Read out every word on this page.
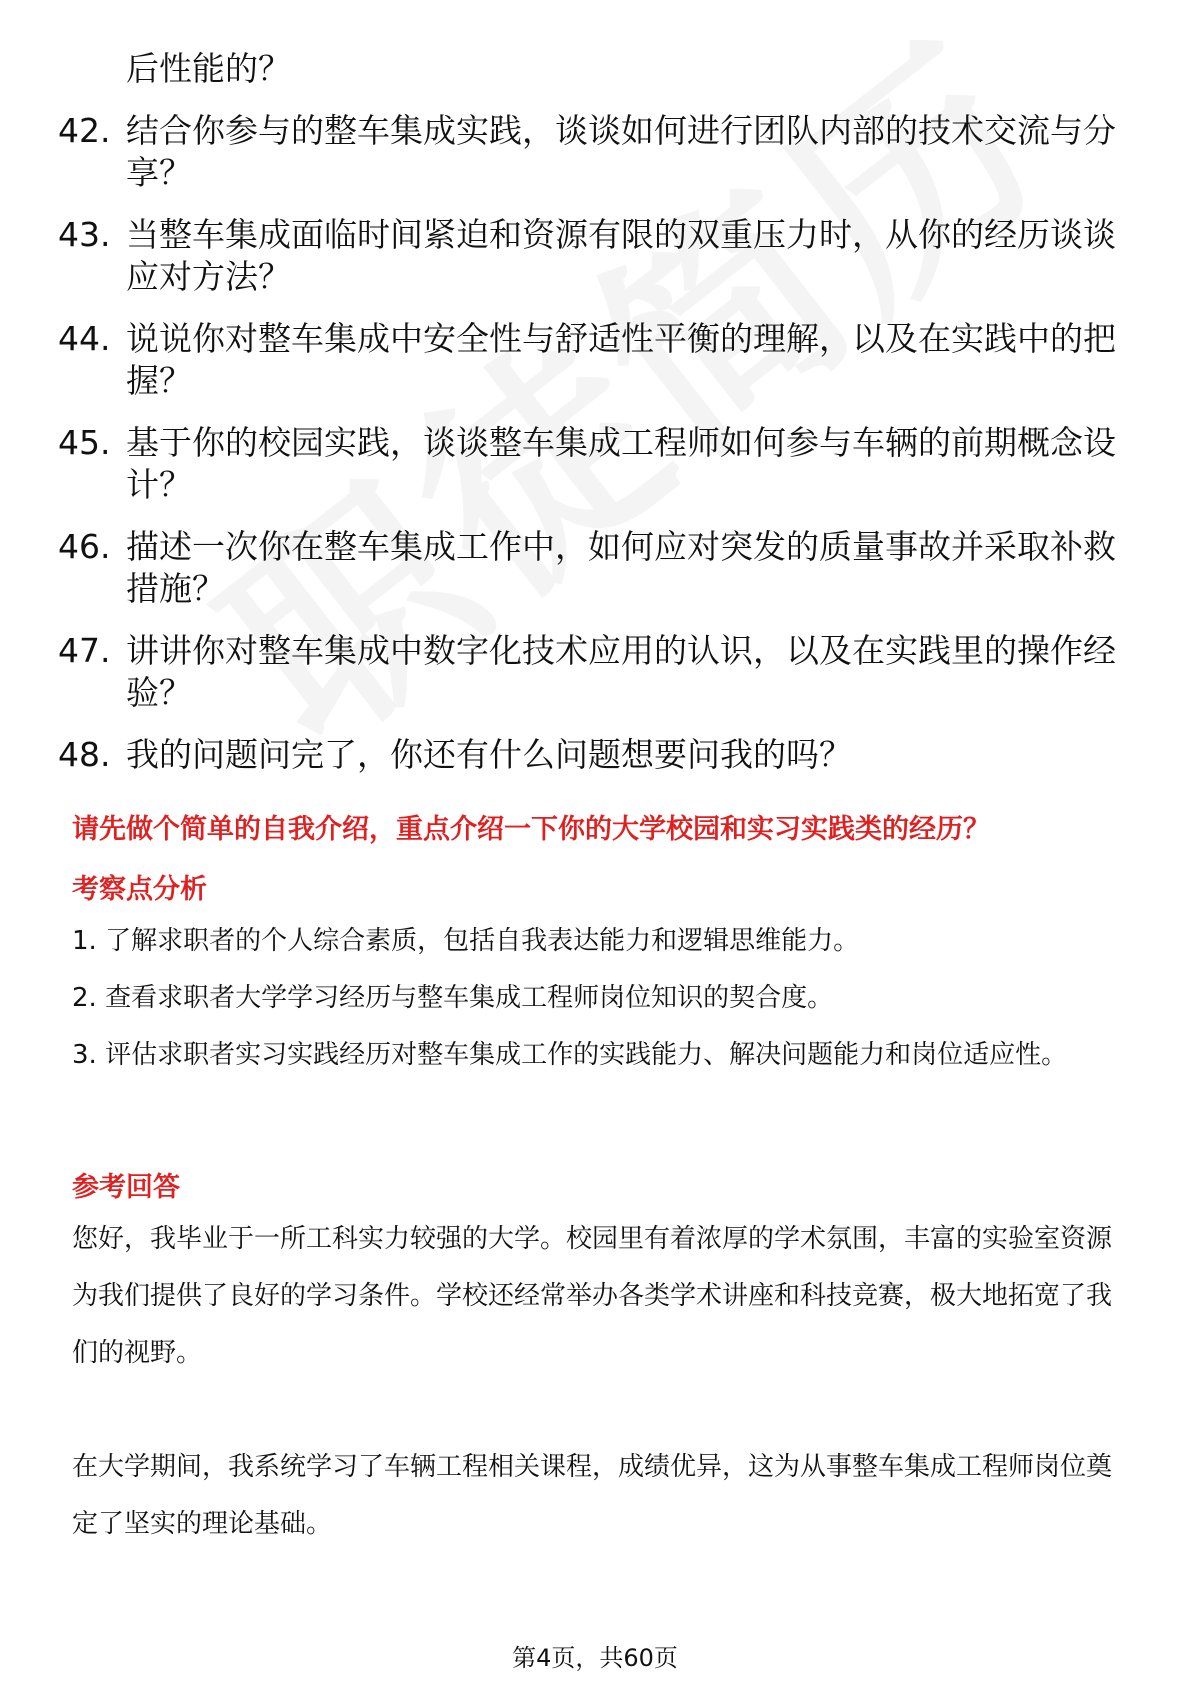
后性能的？
42. 结合你参与的整车集成实践，谈谈如何进行团队内部的技术交流与分享？
43. 当整车集成面临时间紧迫和资源有限的双重压力时，从你的经历谈谈应对方法？
44. 说说你对整车集成中安全性与舒适性平衡的理解，以及在实践中的把握？
45. 基于你的校园实践，谈谈整车集成工程师如何参与车辆的前期概念设计？
46. 描述一次你在整车集成工作中，如何应对突发的质量事故并采取补救措施？
47. 讲讲你对整车集成中数字化技术应用的认识，以及在实践里的操作经验？
48. 我的问题问完了，你还有什么问题想要问我的吗？
请先做个简单的自我介绍，重点介绍一下你的大学校园和实习实践类的经历？
考察点分析
1. 了解求职者的个人综合素质，包括自我表达能力和逻辑思维能力。
2. 查看求职者大学学习经历与整车集成工程师岗位知识的契合度。
3. 评估求职者实习实践经历对整车集成工作的实践能力、解决问题能力和岗位适应性。
参考回答
您好，我毕业于一所工科实力较强的大学。校园里有着浓厚的学术氛围，丰富的实验室资源为我们提供了良好的学习条件。学校还经常举办各类学术讲座和科技竞赛，极大地拓宽了我们的视野。
在大学期间，我系统学习了车辆工程相关课程，成绩优异，这为从事整车集成工程师岗位奠定了坚实的理论基础。
第4页，共60页
